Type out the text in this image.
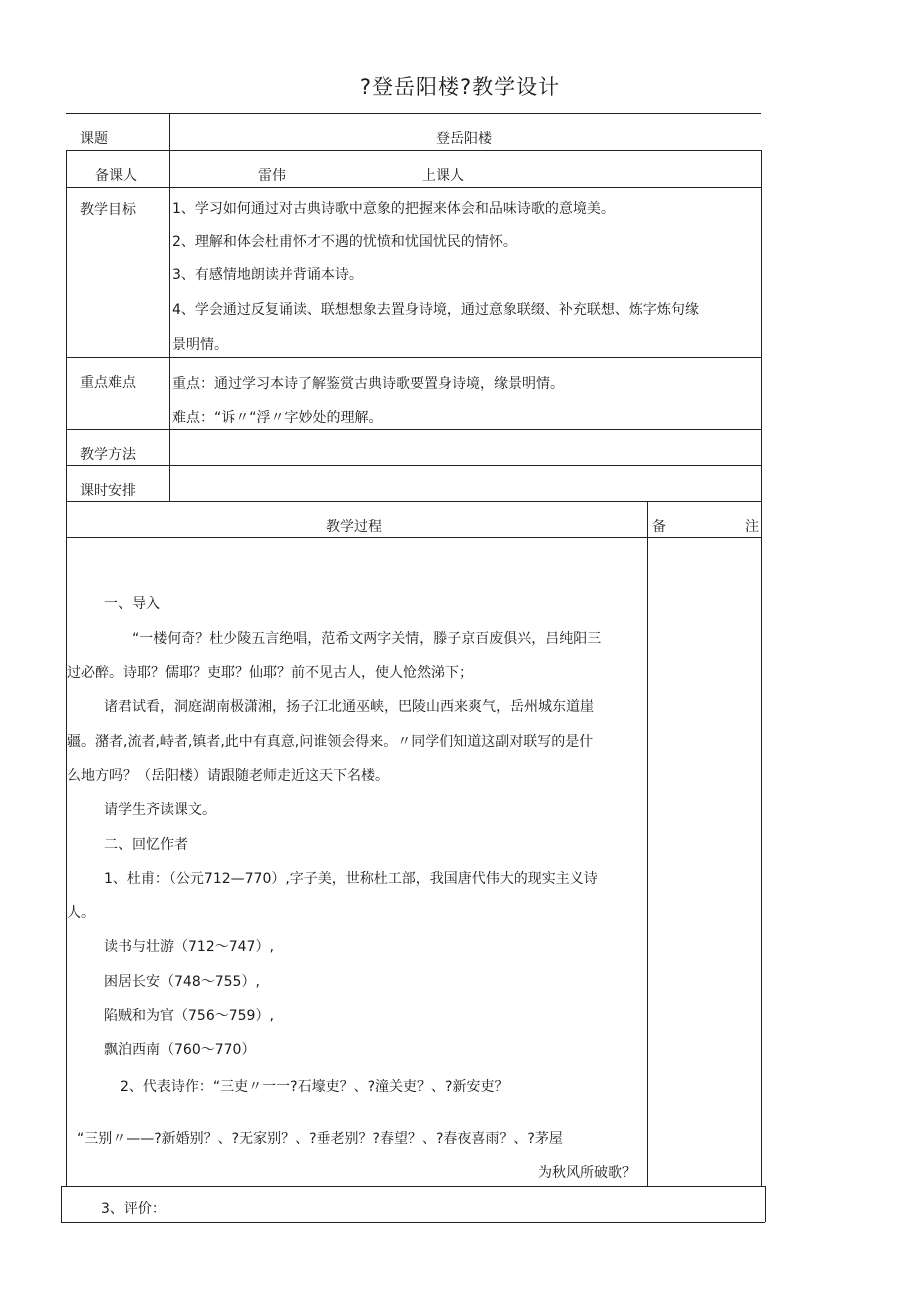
?登岳阳楼?教学设计
课题	登岳阳楼
备课人	雷伟	上课人
教学目标	1、学习如何通过对古典诗歌中意象的把握来体会和品味诗歌的意境美。
2、理解和体会杜甫怀才不遇的忧愤和忧国忧民的情怀。
3、有感情地朗读并背诵本诗。
4、学会通过反复诵读、联想想象去置身诗境，通过意象联缀、补充联想、炼字炼句缘
景明情。
重点难点	重点：通过学习本诗了解鉴赏古典诗歌要置身诗境，缘景明情。
难点：“诉〃“浮〃字妙处的理解。
教学方法
课时安排
教学过程	备	注
一、导入
“一楼何奇？杜少陵五言绝唱，范希文两字关情，滕子京百废俱兴，吕纯阳三
过必醉。诗耶？儒耶？吏耶？仙耶？前不见古人，使人怆然涕下；
诸君试看，洞庭湖南极潇湘，扬子江北通巫峡，巴陵山西来爽气，岳州城东道崖
疆。潴者,流者,峙者,镇者,此中有真意,问谁领会得来。〃同学们知道这副对联写的是什
么地方吗？（岳阳楼）请跟随老师走近这天下名楼。
请学生齐读课文。
二、回忆作者
1、杜甫：（公元712—770）,字子美，世称杜工部，我国唐代伟大的现实主义诗
人。
读书与壮游（712～747）,
困居长安（748～755）,
陷贼和为官（756～759）,
飘泊西南（760～770）
2、代表诗作：“三吏〃一一?石壕吏？、?潼关吏？、?新安吏？
“三别〃——?新婚别？、?无家别？、?垂老别？?春望？、?春夜喜雨？、?茅屋
为秋风所破歌？
3、评价：
